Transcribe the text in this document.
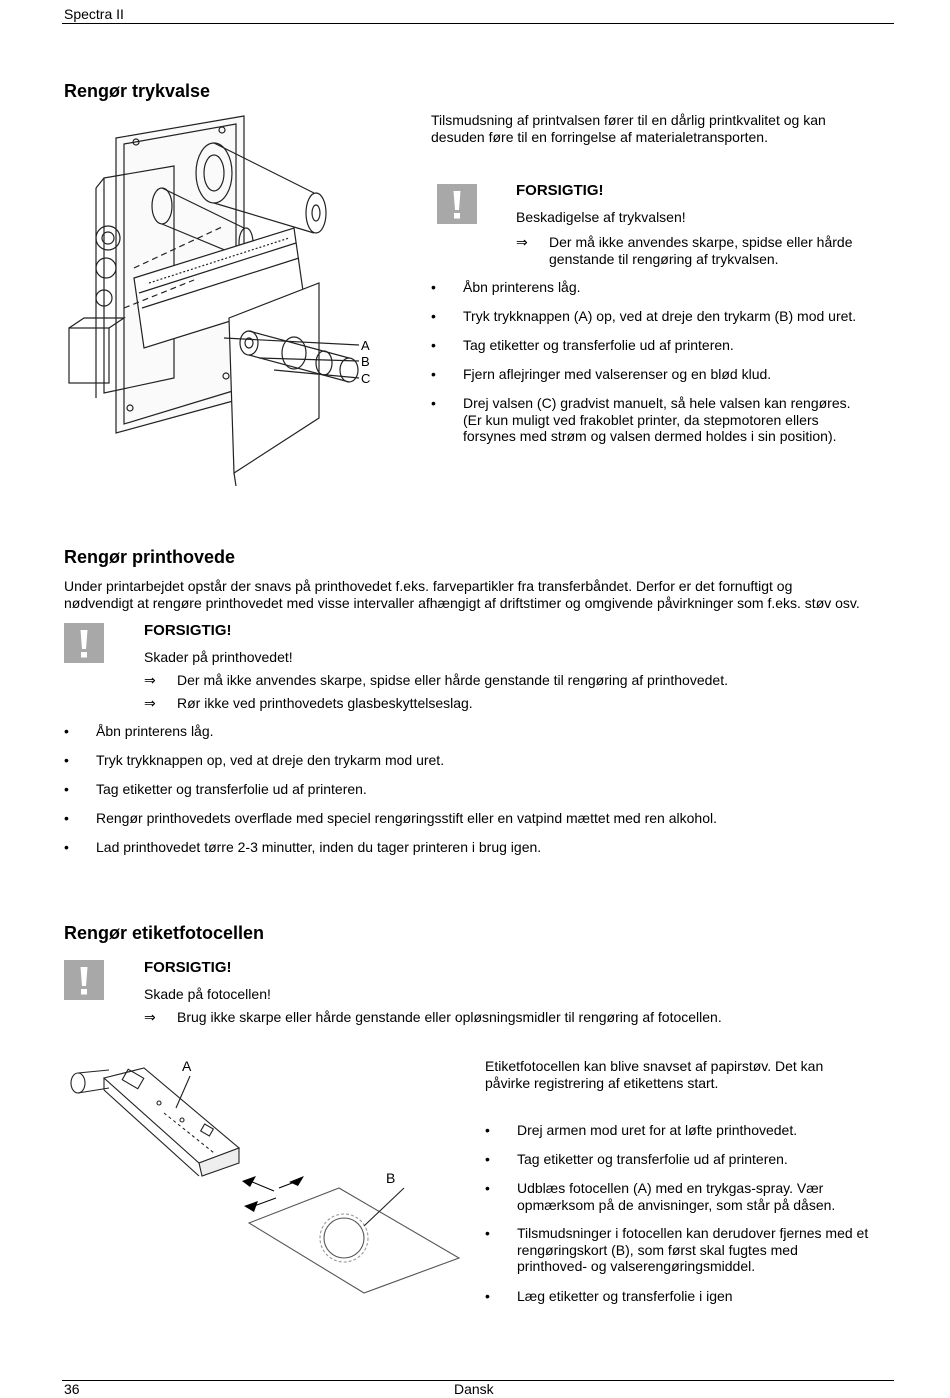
Spectra II
Rengør trykvalse
A
B
C
Tilsmudsning af printvalsen fører til en dårlig printkvalitet og kan
desuden føre til en forringelse af materialetransporten.
FORSIGTIG!
Beskadigelse af trykvalsen!
⇒ Der må ikke anvendes skarpe, spidse eller hårde
genstande til rengøring af trykvalsen.
• Åbn printerens låg.
• Tryk trykknappen (A) op, ved at dreje den trykarm (B) mod uret.
• Tag etiketter og transferfolie ud af printeren.
• Fjern aflejringer med valserenser og en blød klud.
• Drej valsen (C) gradvist manuelt, så hele valsen kan rengøres.
(Er kun muligt ved frakoblet printer, da stepmotoren ellers
forsynes med strøm og valsen dermed holdes i sin position).
Rengør printhovede
Under printarbejdet opstår der snavs på printhovedet f.eks. farvepartikler fra transferbåndet. Derfor er det fornuftigt og
nødvendigt at rengøre printhovedet med visse intervaller afhængigt af driftstimer og omgivende påvirkninger som f.eks. støv osv.
FORSIGTIG!
Skader på printhovedet!
⇒ Der må ikke anvendes skarpe, spidse eller hårde genstande til rengøring af printhovedet.
⇒ Rør ikke ved printhovedets glasbeskyttelseslag.
• Åbn printerens låg.
• Tryk trykknappen op, ved at dreje den trykarm mod uret.
• Tag etiketter og transferfolie ud af printeren.
• Rengør printhovedets overflade med speciel rengøringsstift eller en vatpind mættet med ren alkohol.
• Lad printhovedet tørre 2-3 minutter, inden du tager printeren i brug igen.
Rengør etiketfotocellen
FORSIGTIG!
Skade på fotocellen!
⇒ Brug ikke skarpe eller hårde genstande eller opløsningsmidler til rengøring af fotocellen.
A
B
Etiketfotocellen kan blive snavset af papirstøv. Det kan
påvirke registrering af etikettens start.
• Drej armen mod uret for at løfte printhovedet.
• Tag etiketter og transferfolie ud af printeren.
• Udblæs fotocellen (A) med en trykgas-spray. Vær
opmærksom på de anvisninger, som står på dåsen.
• Tilsmudsninger i fotocellen kan derudover fjernes med et
rengøringskort (B), som først skal fugtes med
printhoved- og valserengøringsmiddel.
• Læg etiketter og transferfolie i igen
36	Dansk
